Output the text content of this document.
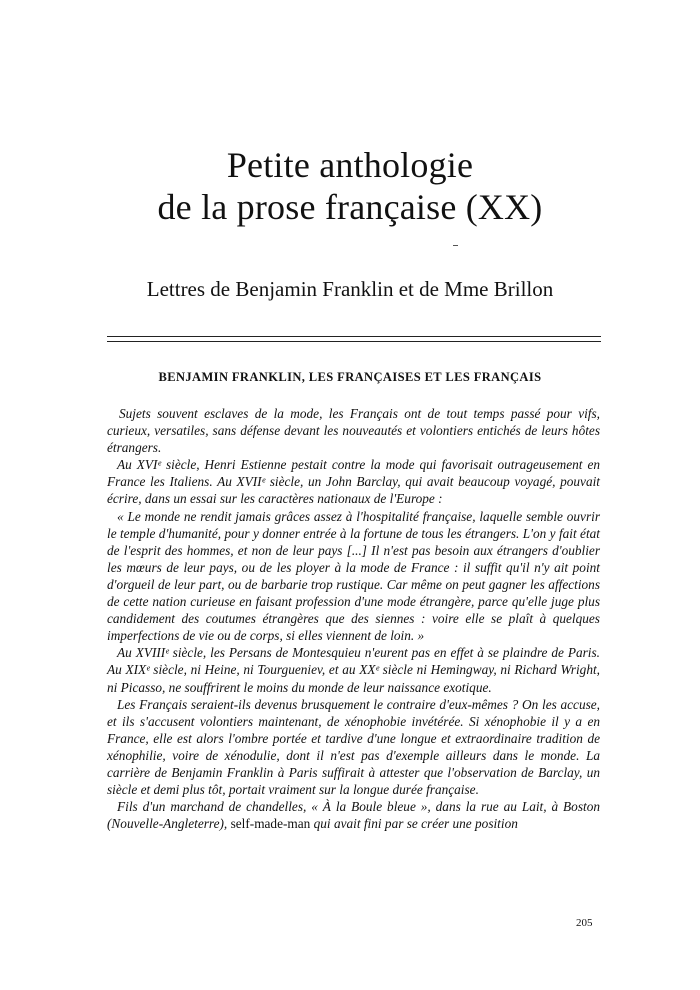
Petite anthologie
de la prose française (XX)
Lettres de Benjamin Franklin et de Mme Brillon
BENJAMIN FRANKLIN, LES FRANÇAISES ET LES FRANÇAIS

Sujets souvent esclaves de la mode, les Français ont de tout temps passé pour vifs, curieux, versatiles, sans défense devant les nouveautés et volontiers entichés de leurs hôtes étrangers.

Au XVIᵉ siècle, Henri Estienne pestait contre la mode qui favorisait outrageusement en France les Italiens. Au XVIIᵉ siècle, un John Barclay, qui avait beaucoup voyagé, pouvait écrire, dans un essai sur les caractères nationaux de l'Europe :

« Le monde ne rendit jamais grâces assez à l'hospitalité française, laquelle semble ouvrir le temple d'humanité, pour y donner entrée à la fortune de tous les étrangers. L'on y fait état de l'esprit des hommes, et non de leur pays [...] Il n'est pas besoin aux étrangers d'oublier les mœurs de leur pays, ou de les ployer à la mode de France : il suffit qu'il n'y ait point d'orgueil de leur part, ou de barbarie trop rustique. Car même on peut gagner les affections de cette nation curieuse en faisant profession d'une mode étrangère, parce qu'elle juge plus candidement des coutumes étrangères que des siennes : voire elle se plaît à quelques imperfections de vie ou de corps, si elles viennent de loin. »

Au XVIIIᵉ siècle, les Persans de Montesquieu n'eurent pas en effet à se plaindre de Paris. Au XIXᵉ siècle, ni Heine, ni Tourgueniev, et au XXᵉ siècle ni Hemingway, ni Richard Wright, ni Picasso, ne souffrirent le moins du monde de leur naissance exotique.

Les Français seraient-ils devenus brusquement le contraire d'eux-mêmes ? On les accuse, et ils s'accusent volontiers maintenant, de xénophobie invétérée. Si xénophobie il y a en France, elle est alors l'ombre portée et tardive d'une longue et extraordinaire tradition de xénophilie, voire de xénodulie, dont il n'est pas d'exemple ailleurs dans le monde. La carrière de Benjamin Franklin à Paris suffirait à attester que l'observation de Barclay, un siècle et demi plus tôt, portait vraiment sur la longue durée française.

Fils d'un marchand de chandelles, « À la Boule bleue », dans la rue au Lait, à Boston (Nouvelle-Angleterre), self-made-man qui avait fini par se créer une position

205
